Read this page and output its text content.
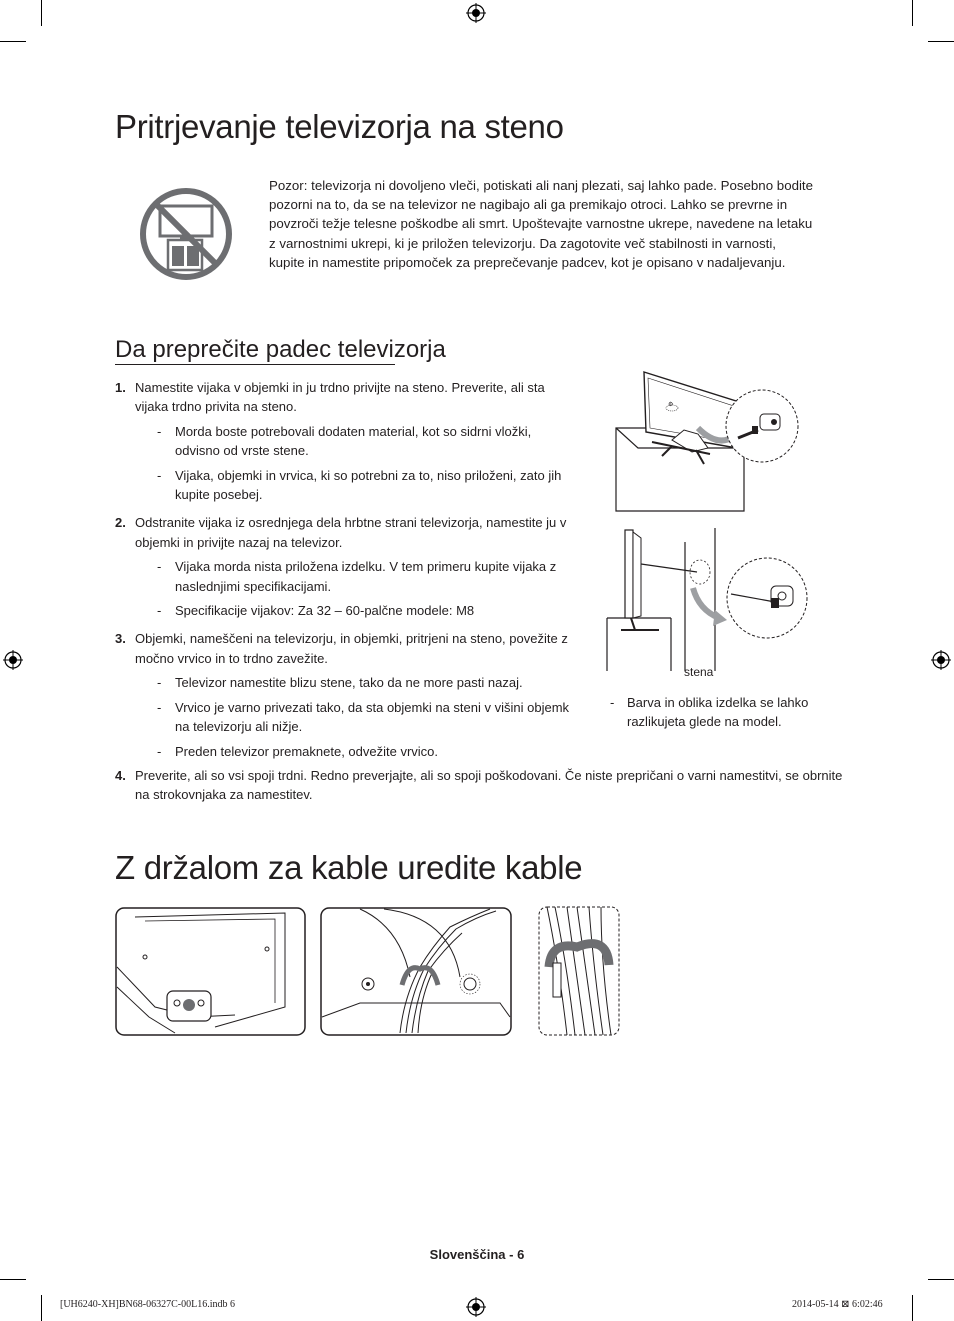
Pritrjevanje televizorja na steno
Pozor: televizorja ni dovoljeno vleči, potiskati ali nanj plezati, saj lahko pade. Posebno bodite pozorni na to, da se na televizor ne nagibajo ali ga premikajo otroci. Lahko se prevrne in povzroči težje telesne poškodbe ali smrt. Upoštevajte varnostne ukrepe, navedene na letaku z varnostnimi ukrepi, ki je priložen televizorju. Da zagotovite več stabilnosti in varnosti, kupite in namestite pripomoček za preprečevanje padcev, kot je opisano v nadaljevanju.
Da preprečite padec televizorja
1. Namestite vijaka v objemki in ju trdno privijte na steno. Preverite, ali sta vijaka trdno privita na steno.
- Morda boste potrebovali dodaten material, kot so sidrni vložki, odvisno od vrste stene.
- Vijaka, objemki in vrvica, ki so potrebni za to, niso priloženi, zato jih kupite posebej.
2. Odstranite vijaka iz osrednjega dela hrbtne strani televizorja, namestite ju v objemki in privijte nazaj na televizor.
- Vijaka morda nista priložena izdelku. V tem primeru kupite vijaka z naslednjimi specifikacijami.
- Specifikacije vijakov: Za 32 – 60-palčne modele: M8
3. Objemki, nameščeni na televizorju, in objemki, pritrjeni na steno, povežite z močno vrvico in to trdno zavežite.
- Televizor namestite blizu stene, tako da ne more pasti nazaj.
- Vrvico je varno privezati tako, da sta objemki na steni v višini objemk na televizorju ali nižje.
- Preden televizor premaknete, odvežite vrvico.
4. Preverite, ali so vsi spoji trdni. Redno preverjajte, ali so spoji poškodovani. Če niste prepričani o varni namestitvi, se obrnite na strokovnjaka za namestitev.
⚙
stena
- Barva in oblika izdelka se lahko razlikujeta glede na model.
Z držalom za kable uredite kable
Slovenščina - 6
[UH6240-XH]BN68-06327C-00L16.indb 6	2014-05-14 ⊠ 6:02:46
